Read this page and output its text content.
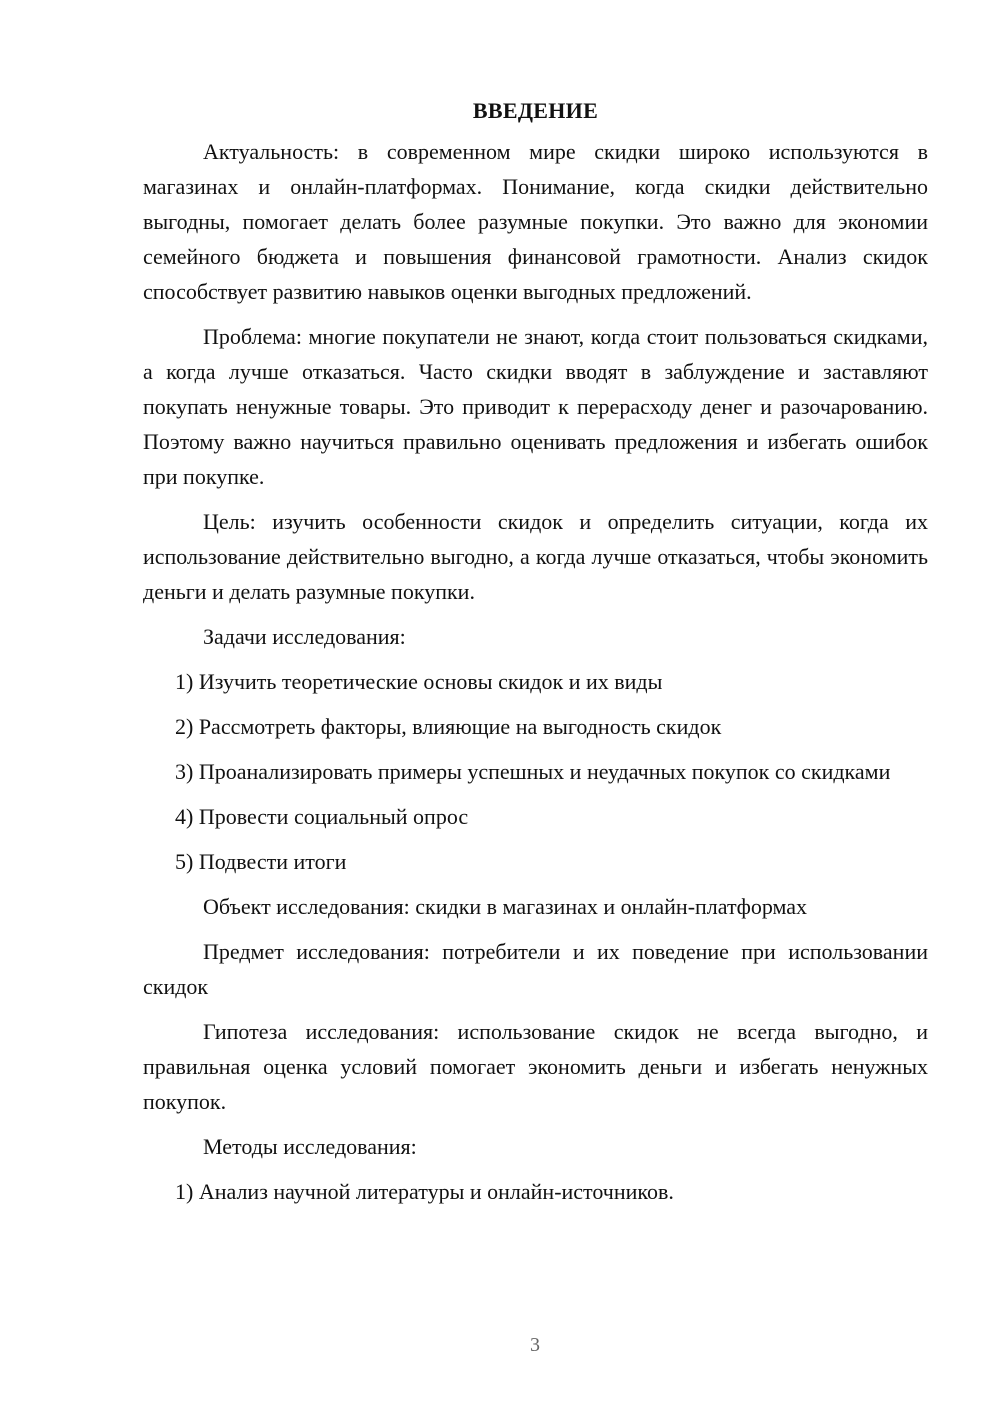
ВВЕДЕНИЕ

Актуальность: в современном мире скидки широко используются в магазинах и онлайн-платформах. Понимание, когда скидки действительно выгодны, помогает делать более разумные покупки. Это важно для экономии семейного бюджета и повышения финансовой грамотности. Анализ скидок способствует развитию навыков оценки выгодных предложений.

Проблема: многие покупатели не знают, когда стоит пользоваться скидками, а когда лучше отказаться. Часто скидки вводят в заблуждение и заставляют покупать ненужные товары. Это приводит к перерасходу денег и разочарованию. Поэтому важно научиться правильно оценивать предложения и избегать ошибок при покупке.

Цель: изучить особенности скидок и определить ситуации, когда их использование действительно выгодно, а когда лучше отказаться, чтобы экономить деньги и делать разумные покупки.

Задачи исследования:

1) Изучить теоретические основы скидок и их виды

2) Рассмотреть факторы, влияющие на выгодность скидок

3) Проанализировать примеры успешных и неудачных покупок со скидками

4) Провести социальный опрос

5) Подвести итоги

Объект исследования: скидки в магазинах и онлайн-платформах

Предмет исследования: потребители и их поведение при использовании скидок

Гипотеза исследования: использование скидок не всегда выгодно, и правильная оценка условий помогает экономить деньги и избегать ненужных покупок.

Методы исследования:

1) Анализ научной литературы и онлайн-источников.

3
